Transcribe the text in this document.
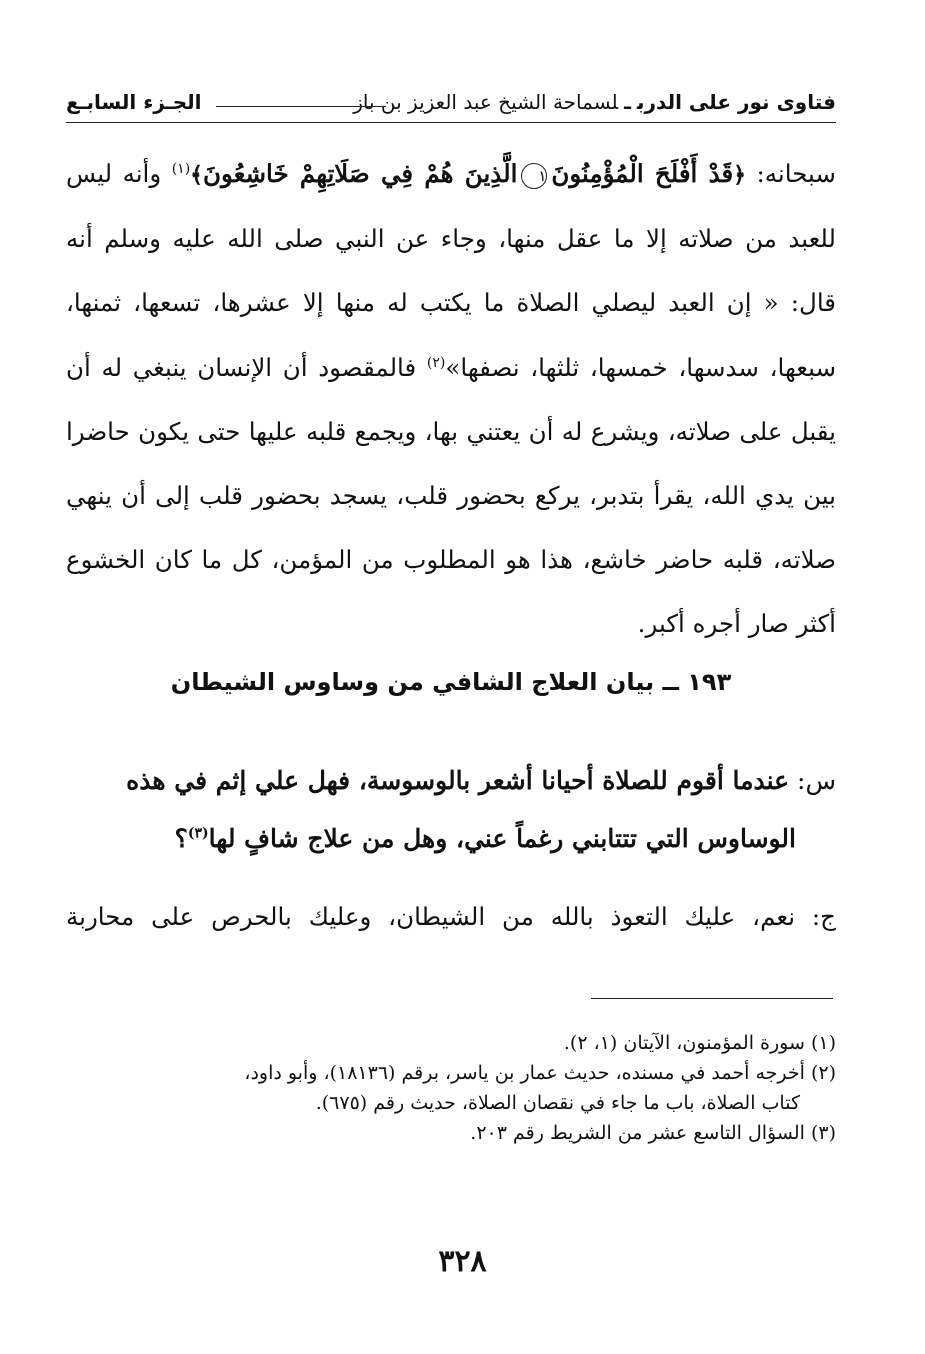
فتاوى نور على الدربـلسماحة الشيخ عبد العزيز بن باز
الجـزء السابـع

سبحانه: ﴿قَدْ أَفْلَحَ الْمُؤْمِنُونَ١الَّذِينَ هُمْ فِي صَلَاتِهِمْ خَاشِعُونَ﴾$^{(١)}$ وأنه ليس للعبد من صلاته إلا ما عقل منها، وجاء عن النبي صلى الله عليه وسلم أنه قال: « إن العبد ليصلي الصلاة ما يكتب له منها إلا عشرها، تسعها، ثمنها، سبعها، سدسها، خمسها، ثلثها، نصفها»$^{(٢)}$ فالمقصود أن الإنسان ينبغي له أن يقبل على صلاته، ويشرع له أن يعتني بها، ويجمع قلبه عليها حتى يكون حاضرا بين يدي الله، يقرأ بتدبر، يركع بحضور قلب، يسجد بحضور قلب إلى أن ينهي صلاته، قلبه حاضر خاشع، هذا هو المطلوب من المؤمن، كل ما كان الخشوع أكثر صار أجره أكبر.

١٩٣ ــ بيان العلاج الشافي من وساوس الشيطان
س: عندما أقوم للصلاة أحيانا أشعر بالوسوسة، فهل علي إثم في هذه
الوساوس التي تتتابني رغماً عني، وهل من علاج شافٍ لها$^{(٣)}$؟
ج: نعم، عليك التعوذ بالله من الشيطان، وعليك بالحرص على محاربة
(١) سورة المؤمنون، الآيتان (١، ٢).
(٢) أخرجه أحمد في مسنده، حديث عمار بن ياسر، برقم (١٨١٣٦)، وأبو داود،
كتاب الصلاة، باب ما جاء في نقصان الصلاة، حديث رقم (٦٧٥).
(٣) السؤال التاسع عشر من الشريط رقم ٢٠٣.
٣٢٨
